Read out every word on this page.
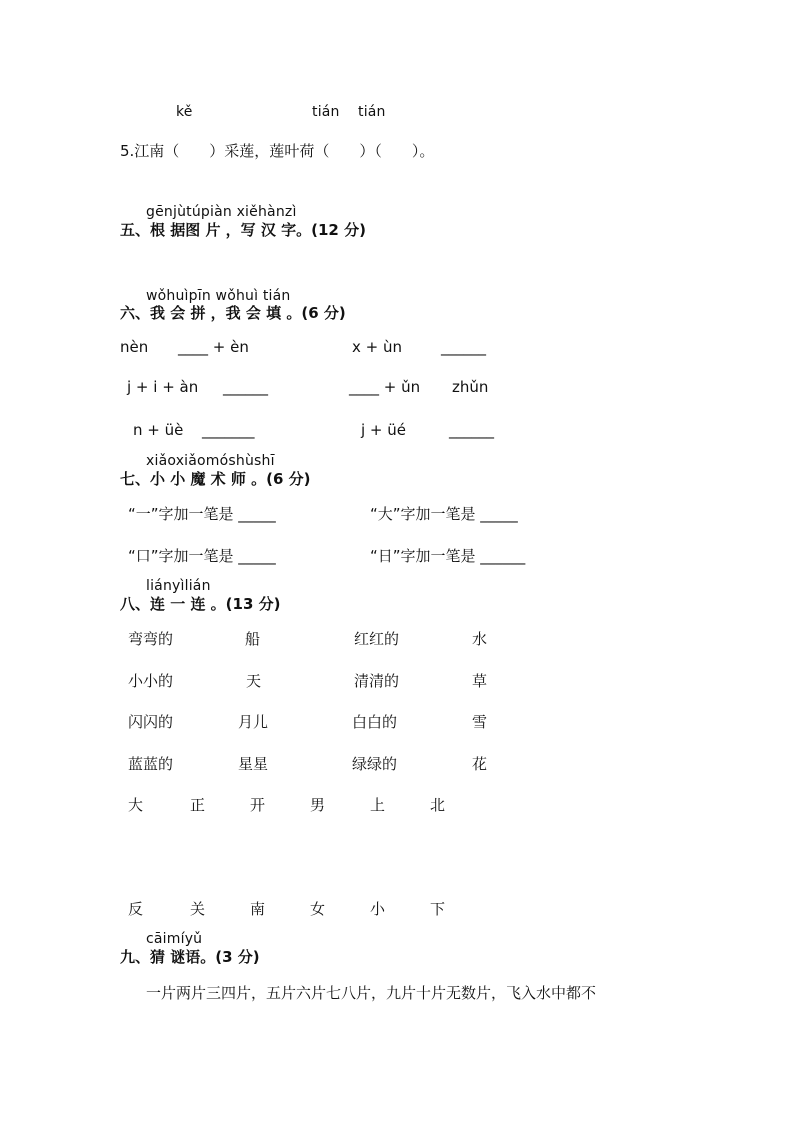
kě	tián tián
5.江南（　　）采莲，莲叶荷（　　）（　　）。
gēnjùtúpiàn xiěhànzì
五、根 据图 片 ，写 汉 字。(12 分)
wǒhuìpīn wǒhuì tián
六、我 会 拼 ，我 会 填 。(6 分)
nèn ____ + èn	x + ùn	______
j + i + àn ______	____ + ǔn zhǔn
n + üè _______	j + üé	______
xiǎoxiǎomóshùshī
七、小 小 魔 术 师 。(6 分)
“一”字加一笔是 _____	“大”字加一笔是 _____
“口”字加一笔是 _____	“日”字加一笔是 ______
liányìlián
八、连 一 连 。(13 分)
弯弯的	船	红红的	水
小小的	天	清清的	草
闪闪的	月儿	白白的	雪
蓝蓝的	星星	绿绿的	花
大	正	开	男	上	北
反	关	南	女	小	下
cāimíyǔ
九、猜 谜语。(3 分)
一片两片三四片，五片六片七八片，九片十片无数片，飞入水中都不
